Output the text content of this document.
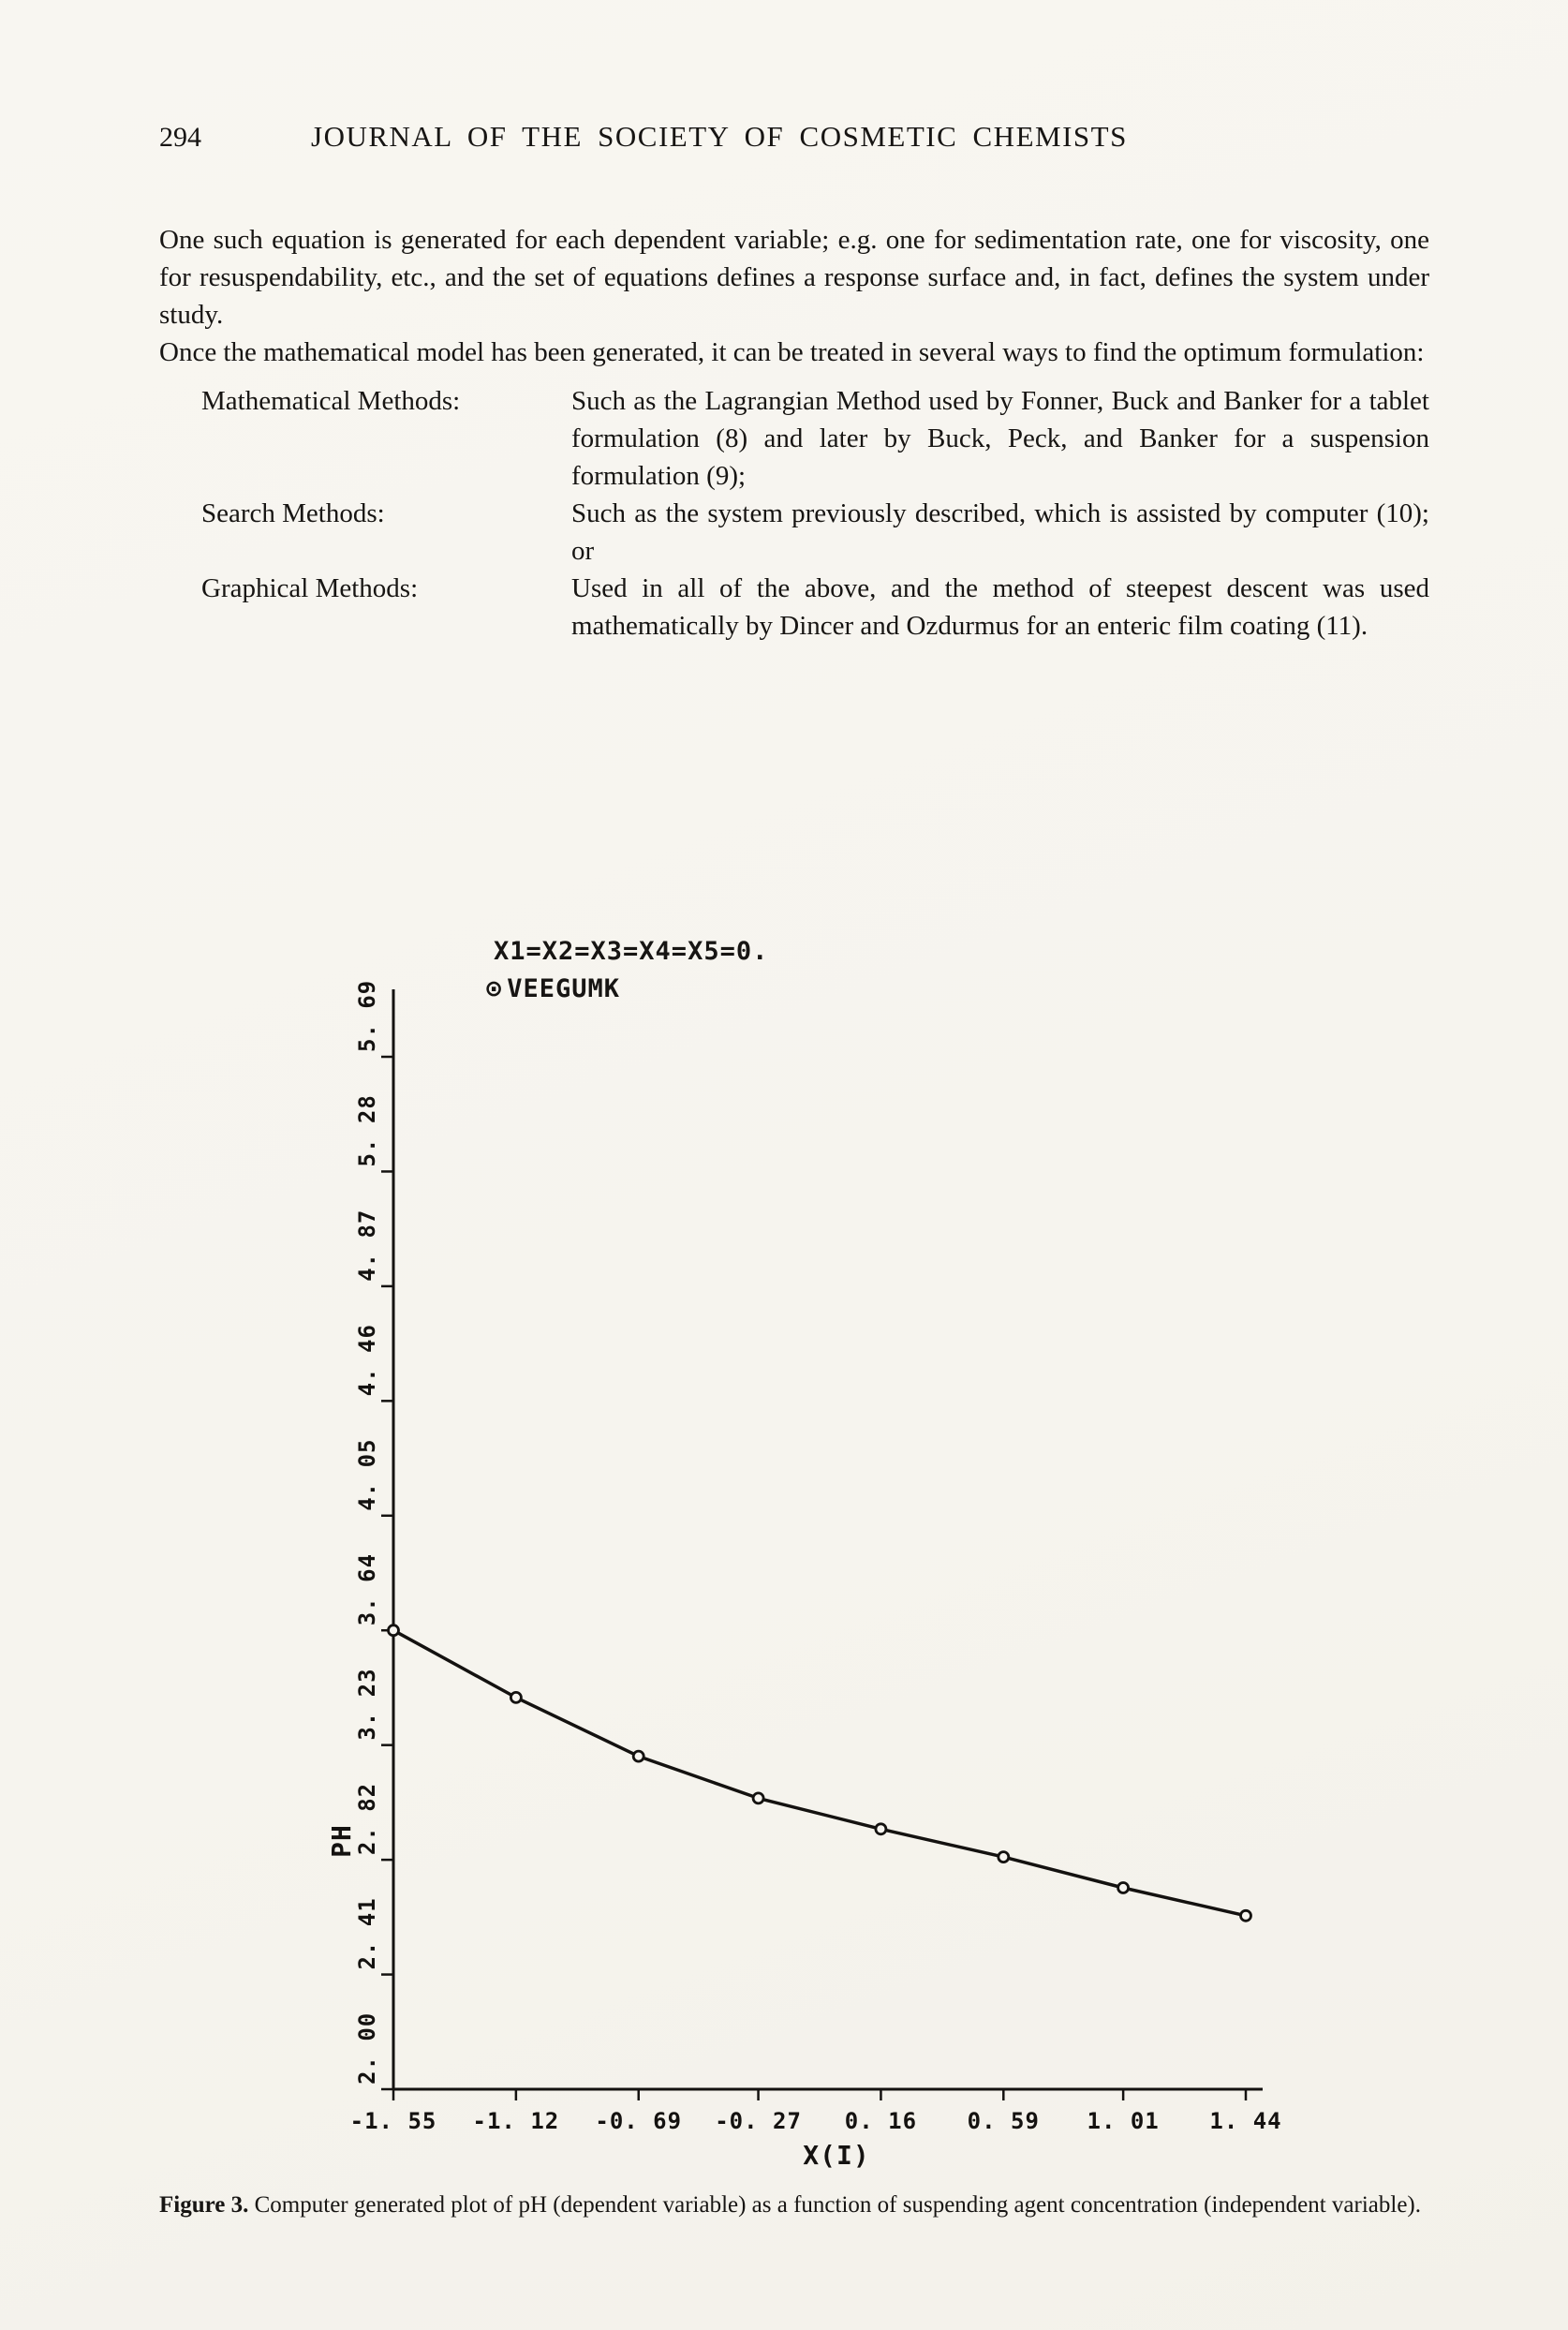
294	JOURNAL OF THE SOCIETY OF COSMETIC CHEMISTS

One such equation is generated for each dependent variable; e.g. one for sedimentation rate, one for viscosity, one for resuspendability, etc., and the set of equations defines a response surface and, in fact, defines the system under study.

Once the mathematical model has been generated, it can be treated in several ways to find the optimum formulation:

Mathematical Methods:	Such as the Lagrangian Method used by Fonner, Buck and Banker for a tablet formulation (8) and later by Buck, Peck, and Banker for a suspension formulation (9);
Search Methods:	Such as the system previously described, which is assisted by computer (10); or
Graphical Methods:	Used in all of the above, and the method of steepest descent was used mathematically by Dincer and Ozdurmus for an enteric film coating (11).
X1=X2=X3=X4=X5=0.
⊙ VEEGUMK
2. 00
2. 41
2. 82
3. 23
3. 64
4. 05
4. 46
4. 87
5. 28
5. 69
-1. 55 -1. 12 -0. 69 -0. 27 0. 16 0. 59 1. 01 1. 44
PH
X(I)
Figure 3. Computer generated plot of pH (dependent variable) as a function of suspending agent concentration (independent variable).
